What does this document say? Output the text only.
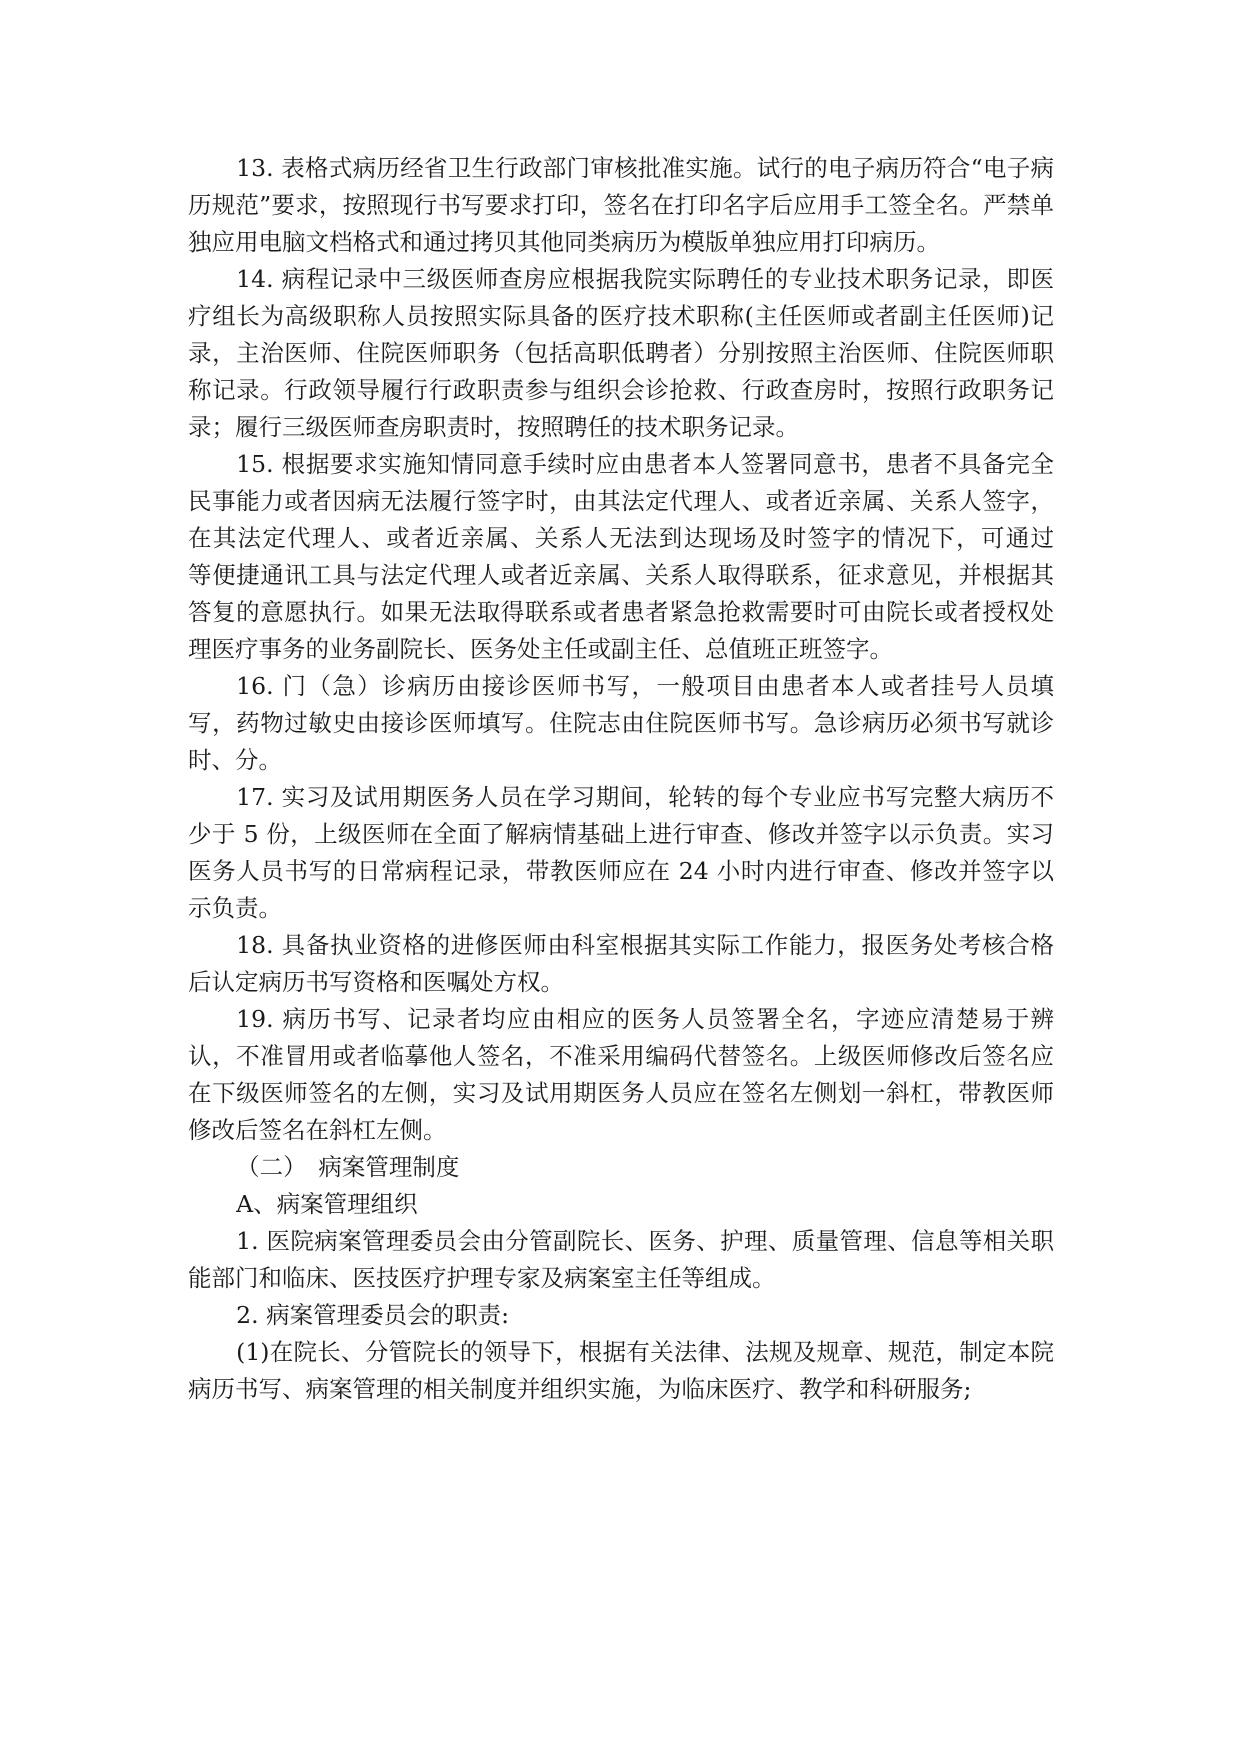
13. 表格式病历经省卫生行政部门审核批准实施。试行的电子病历符合“电子病历规范”要求，按照现行书写要求打印，签名在打印名字后应用手工签全名。严禁单独应用电脑文档格式和通过拷贝其他同类病历为模版单独应用打印病历。

14. 病程记录中三级医师查房应根据我院实际聘任的专业技术职务记录，即医疗组长为高级职称人员按照实际具备的医疗技术职称(主任医师或者副主任医师)记录，主治医师、住院医师职务（包括高职低聘者）分别按照主治医师、住院医师职称记录。行政领导履行行政职责参与组织会诊抢救、行政查房时，按照行政职务记录；履行三级医师查房职责时，按照聘任的技术职务记录。

15. 根据要求实施知情同意手续时应由患者本人签署同意书，患者不具备完全民事能力或者因病无法履行签字时，由其法定代理人、或者近亲属、关系人签字，在其法定代理人、或者近亲属、关系人无法到达现场及时签字的情况下，可通过　 等便捷通讯工具与法定代理人或者近亲属、关系人取得联系，征求意见，并根据其答复的意愿执行。如果无法取得联系或者患者紧急抢救需要时可由院长或者授权处理医疗事务的业务副院长、医务处主任或副主任、总值班正班签字。

16. 门（急）诊病历由接诊医师书写，一般项目由患者本人或者挂号人员填写，药物过敏史由接诊医师填写。住院志由住院医师书写。急诊病历必须书写就诊时、分。

17. 实习及试用期医务人员在学习期间，轮转的每个专业应书写完整大病历不少于 5 份，上级医师在全面了解病情基础上进行审查、修改并签字以示负责。实习医务人员书写的日常病程记录，带教医师应在 24 小时内进行审查、修改并签字以示负责。

18. 具备执业资格的进修医师由科室根据其实际工作能力，报医务处考核合格后认定病历书写资格和医嘱处方权。

19. 病历书写、记录者均应由相应的医务人员签署全名，字迹应清楚易于辨认，不准冒用或者临摹他人签名，不准采用编码代替签名。上级医师修改后签名应在下级医师签名的左侧，实习及试用期医务人员应在签名左侧划一斜杠，带教医师修改后签名在斜杠左侧。

（二）　病案管理制度

A、病案管理组织

1. 医院病案管理委员会由分管副院长、医务、护理、质量管理、信息等相关职能部门和临床、医技医疗护理专家及病案室主任等组成。

2. 病案管理委员会的职责:

(1)在院长、分管院长的领导下，根据有关法律、法规及规章、规范，制定本院病历书写、病案管理的相关制度并组织实施，为临床医疗、教学和科研服务;
